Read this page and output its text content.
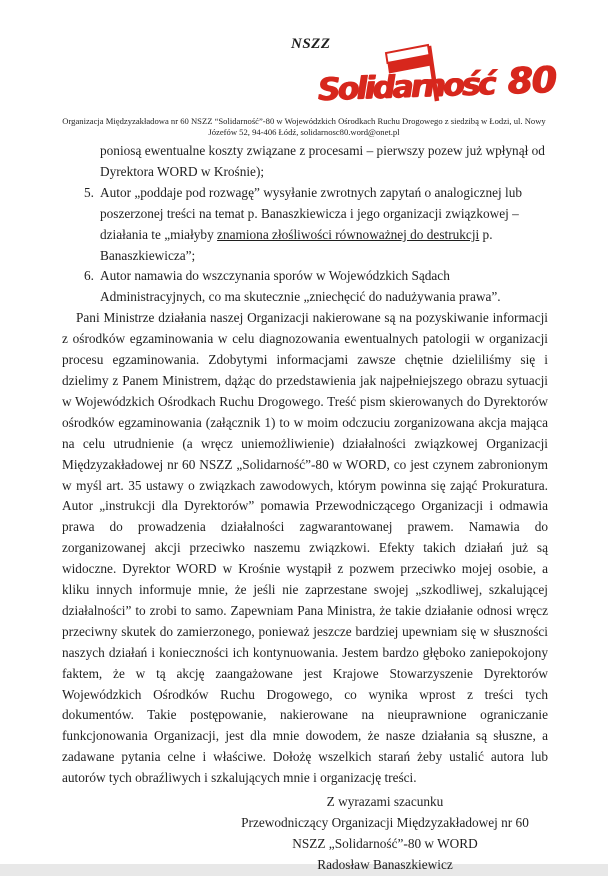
NSZZ
Solidarność 80
Organizacja Międzyzakładowa nr 60 NSZZ “Solidarność”-80 w Wojewódzkich Ośrodkach Ruchu Drogowego z siedzibą w Łodzi, ul. Nowy
Józefów 52, 94-406 Łódź, solidarnosc80.word@onet.pl
poniosą ewentualne koszty związane z procesami – pierwszy pozew już wpłynął od Dyrektora WORD w Krośnie);
5. Autor „poddaje pod rozwagę” wysyłanie zwrotnych zapytań o analogicznej lub poszerzonej treści na temat p. Banaszkiewicza i jego organizacji związkowej – działania te „miałyby znamiona złośliwości równoważnej do destrukcji p. Banaszkiewicza”;
6. Autor namawia do wszczynania sporów w Wojewódzkich Sądach Administracyjnych, co ma skutecznie „zniechęcić do nadużywania prawa”.

Pani Ministrze działania naszej Organizacji nakierowane są na pozyskiwanie informacji z ośrodków egzaminowania w celu diagnozowania ewentualnych patologii w organizacji procesu egzaminowania. Zdobytymi informacjami zawsze chętnie dzieliliśmy się i dzielimy z Panem Ministrem, dążąc do przedstawienia jak najpełniejszego obrazu sytuacji w Wojewódzkich Ośrodkach Ruchu Drogowego. Treść pism skierowanych do Dyrektorów ośrodków egzaminowania (załącznik 1) to w moim odczuciu zorganizowana akcja mająca na celu utrudnienie (a wręcz uniemożliwienie) działalności związkowej Organizacji Międzyzakładowej nr 60 NSZZ „Solidarność”-80 w WORD, co jest czynem zabronionym w myśl art. 35 ustawy o związkach zawodowych, którym powinna się zająć Prokuratura. Autor „instrukcji dla Dyrektorów” pomawia Przewodniczącego Organizacji i odmawia prawa do prowadzenia działalności zagwarantowanej prawem. Namawia do zorganizowanej akcji przeciwko naszemu związkowi. Efekty takich działań już są widoczne. Dyrektor WORD w Krośnie wystąpił z pozwem przeciwko mojej osobie, a kliku innych informuje mnie, że jeśli nie zaprzestane swojej „szkodliwej, szkalującej działalności” to zrobi to samo. Zapewniam Pana Ministra, że takie działanie odnosi wręcz przeciwny skutek do zamierzonego, ponieważ jeszcze bardziej upewniam się w słuszności naszych działań i konieczności ich kontynuowania. Jestem bardzo głęboko zaniepokojony faktem, że w tą akcję zaangażowane jest Krajowe Stowarzyszenie Dyrektorów Wojewódzkich Ośrodków Ruchu Drogowego, co wynika wprost z treści tych dokumentów. Takie postępowanie, nakierowane na nieuprawnione ograniczanie funkcjonowania Organizacji, jest dla mnie dowodem, że nasze działania są słuszne, a zadawane pytania celne i właściwe. Dołożę wszelkich starań żeby ustalić autora lub autorów tych obraźliwych i szkalujących mnie i organizację treści.

Z wyrazami szacunku
Przewodniczący Organizacji Międzyzakładowej nr 60
NSZZ „Solidarność”-80 w WORD
Radosław Banaszkiewicz
